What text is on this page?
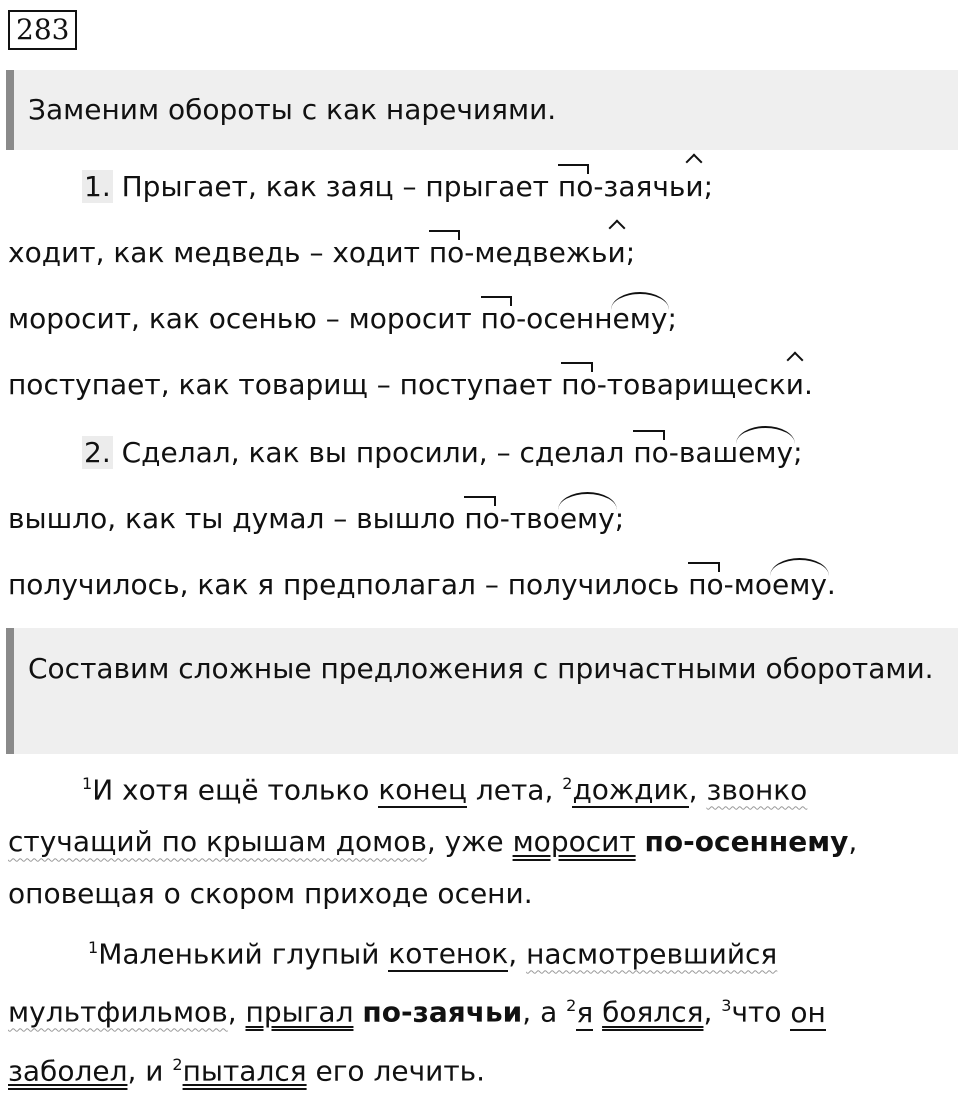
283
Заменим обороты с как наречиями.
1. Прыгает, как заяц – прыгает по-заячьи;
ходит, как медведь – ходит по-медвежьи;
моросит, как осенью – моросит по-осеннему;
поступает, как товарищ – поступает по-товарищески.
2. Сделал, как вы просили, – сделал по-вашему;
вышло, как ты думал – вышло по-твоему;
получилось, как я предполагал – получилось по-моему.
Составим сложные предложения с причастными оборотами.
$^1$И хотя ещё только конец лета, $^2$дождик, звонко стучащий по крышам домов, уже моросит по-осеннему, оповещая о скором приходе осени.
$^1$Маленький глупый котенок, насмотревшийся мультфильмов, прыгал по-заячьи, а $^2$я боялся, $^3$что он заболел, и $^2$пытался его лечить.
